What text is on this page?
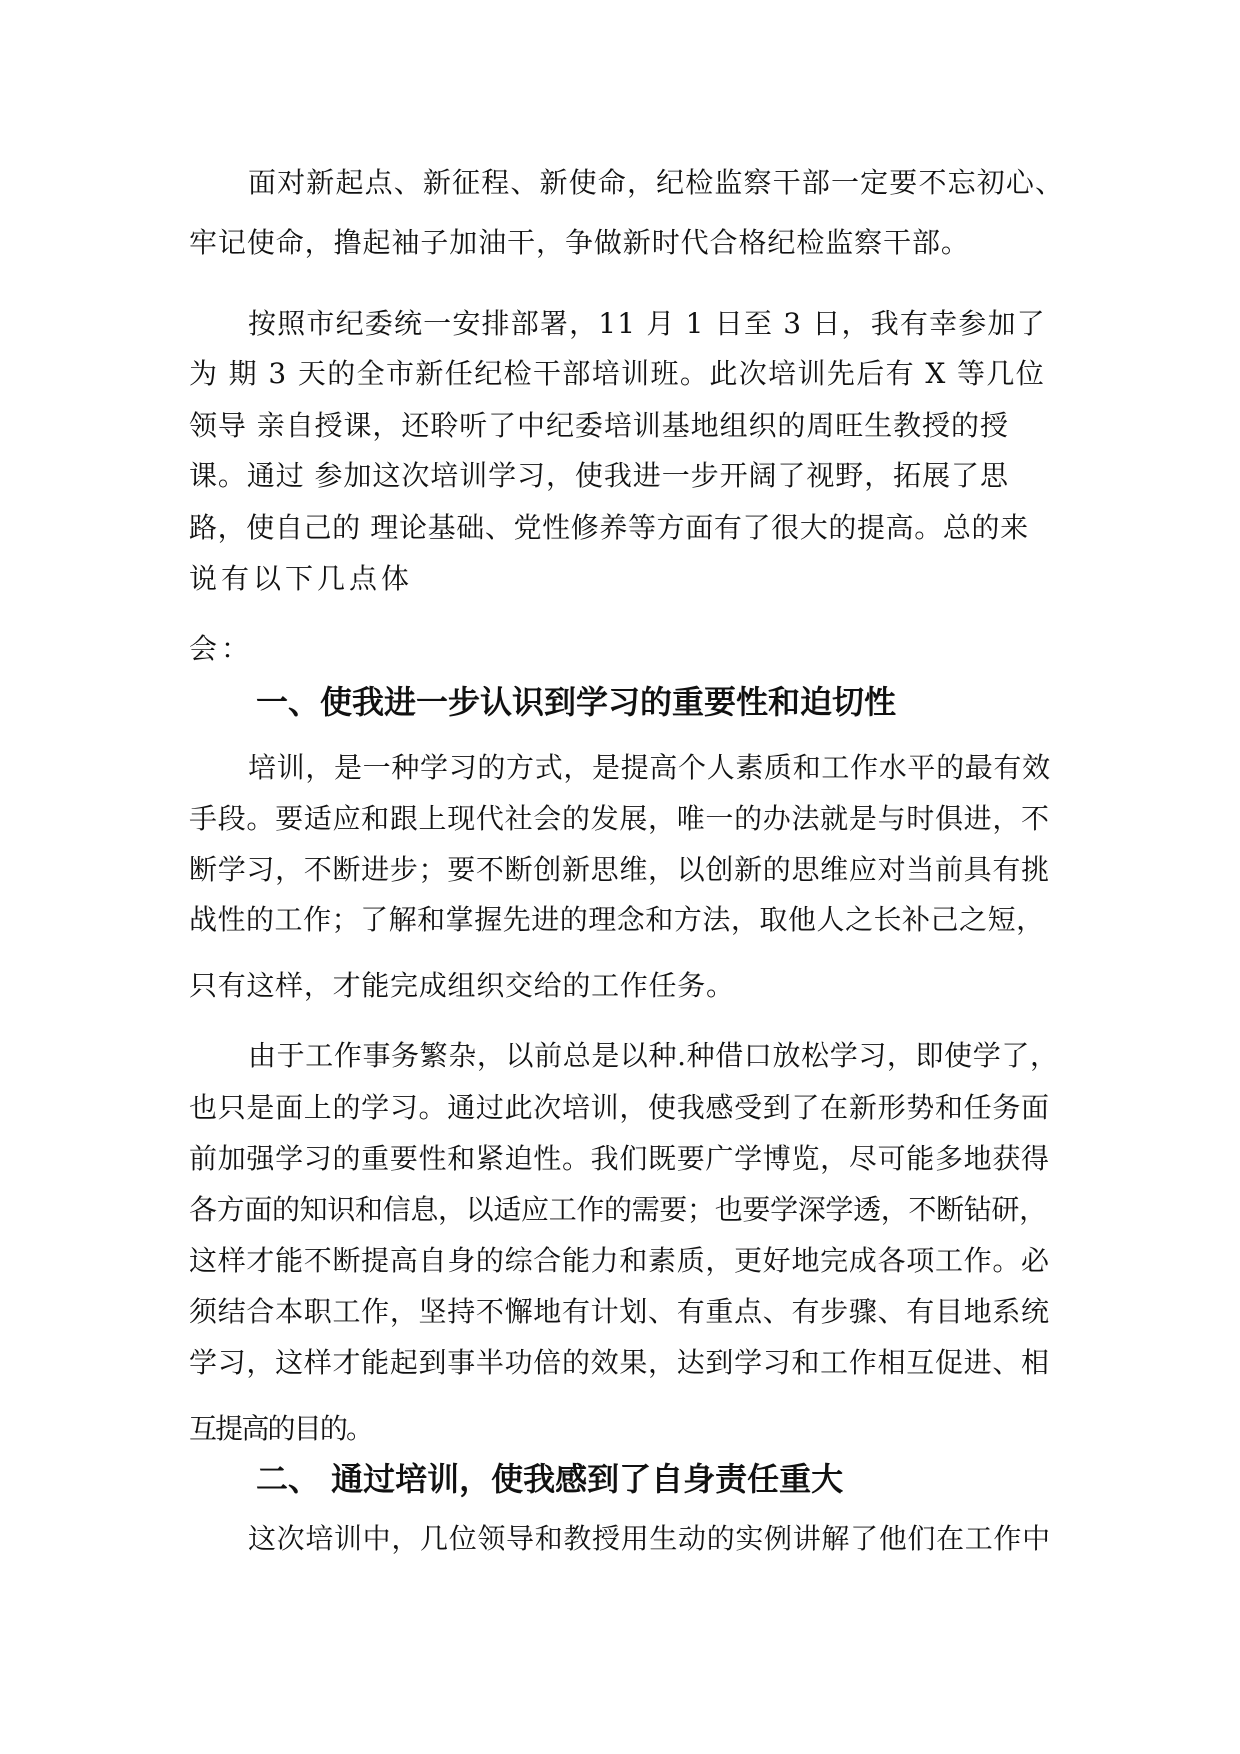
面对新起点、新征程、新使命，纪检监察干部一定要不忘初心、

牢记使命，撸起袖子加油干，争做新时代合格纪检监察干部。

按照市纪委统一安排部署，11 月 1 日至 3 日，我有幸参加了

为 期 3 天的全市新任纪检干部培训班。此次培训先后有 X 等几位

领导 亲自授课，还聆听了中纪委培训基地组织的周旺生教授的授

课。通过 参加这次培训学习，使我进一步开阔了视野，拓展了思

路，使自己的 理论基础、党性修养等方面有了很大的提高。总的来

说有以下几点体

会：

一、使我进一步认识到学习的重要性和迫切性

培训，是一种学习的方式，是提高个人素质和工作水平的最有效

手段。要适应和跟上现代社会的发展，唯一的办法就是与时俱进，不

断学习，不断进步；要不断创新思维，以创新的思维应对当前具有挑

战性的工作；了解和掌握先进的理念和方法，取他人之长补己之短，

只有这样，才能完成组织交给的工作任务。

由于工作事务繁杂，以前总是以种.种借口放松学习，即使学了，

也只是面上的学习。通过此次培训，使我感受到了在新形势和任务面

前加强学习的重要性和紧迫性。我们既要广学博览，尽可能多地获得

各方面的知识和信息，以适应工作的需要；也要学深学透，不断钻研，

这样才能不断提高自身的综合能力和素质，更好地完成各项工作。必

须结合本职工作，坚持不懈地有计划、有重点、有步骤、有目地系统

学习，这样才能起到事半功倍的效果，达到学习和工作相互促进、相

互提高的目的。

二、 通过培训，使我感到了自身责任重大

这次培训中，几位领导和教授用生动的实例讲解了他们在工作中
